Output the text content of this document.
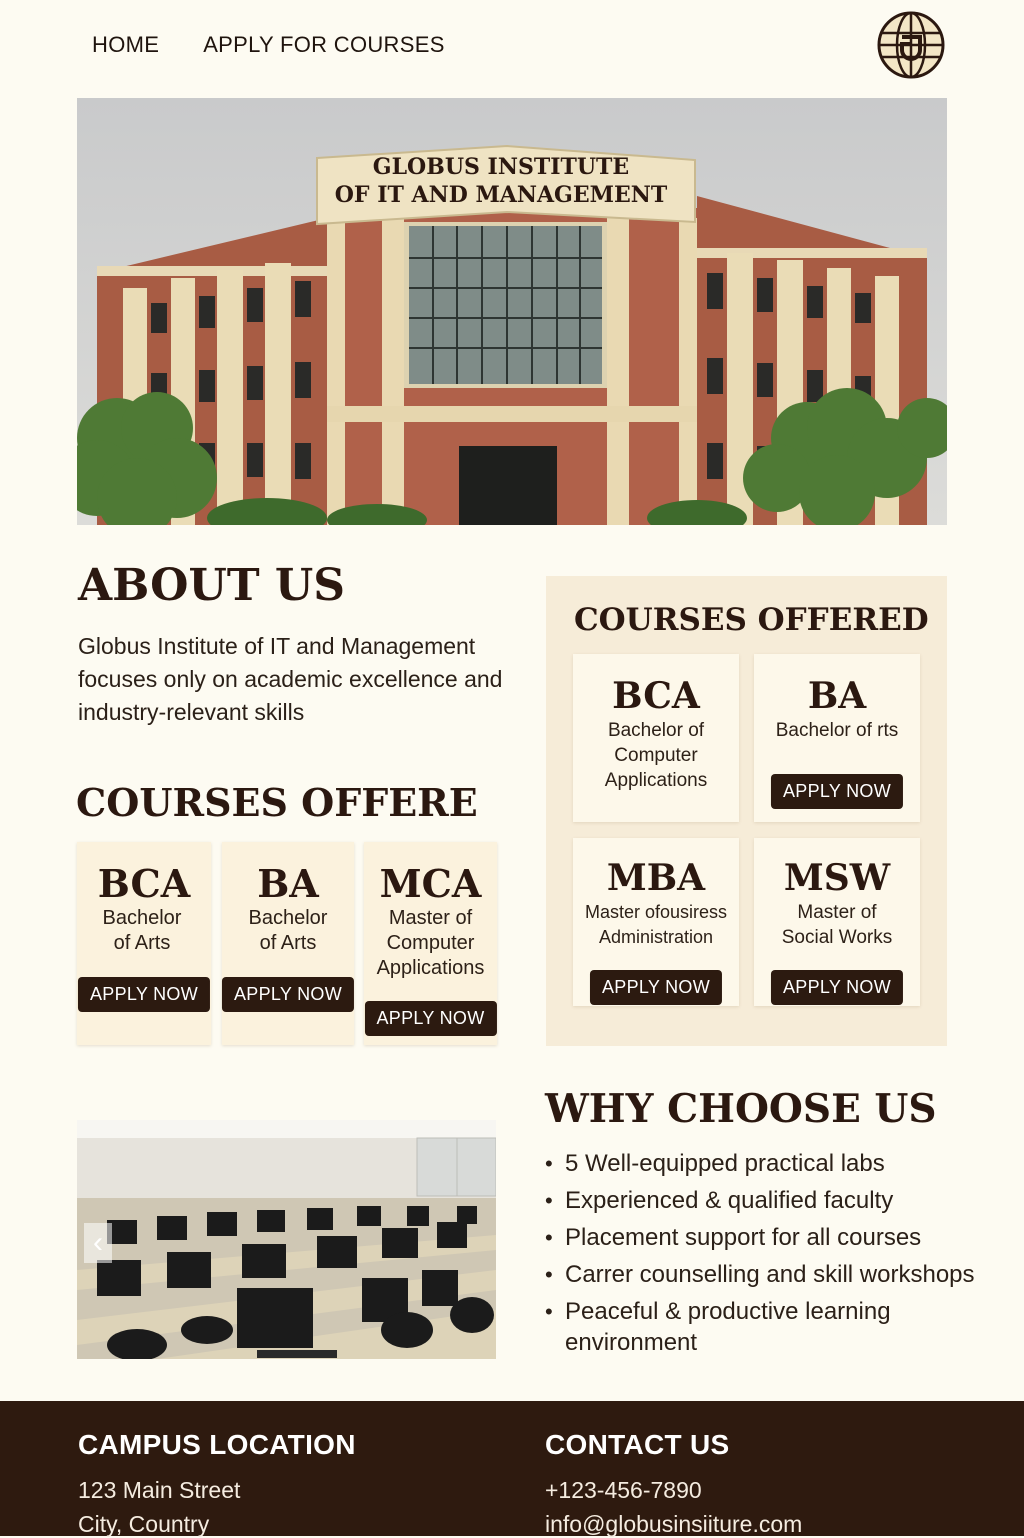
HOME APPLY FOR COURSES
GLOBUS INSTITUTE
OF IT AND MANAGEMENT
ABOUT US

Globus Institute of IT and Management focuses only on academic excellence and industry-relevant skills

COURSES OFFERE
BCA
Bachelor of Arts
APPLY NOW
BA
Bachelor of Arts
APPLY NOW
MCA
Master of Computer Applications
APPLY NOW
COURSES OFFERED
BCA
Bachelor of Computer Applications
BA
Bachelor of rts
APPLY NOW
MBA
Master ofousiress Administration
APPLY NOW
MSW
Master of Social Works
APPLY NOW
‹
WHY CHOOSE US
• 5 Well-equipped practical labs
• Experienced & qualified faculty
• Placement support for all courses
• Carrer counselling and skill workshops
• Peaceful & productive learning environment
CAMPUS LOCATION

123 Main Street

City, Country

CONTACT US

+123-456-7890

info@globusinsiiture.com
